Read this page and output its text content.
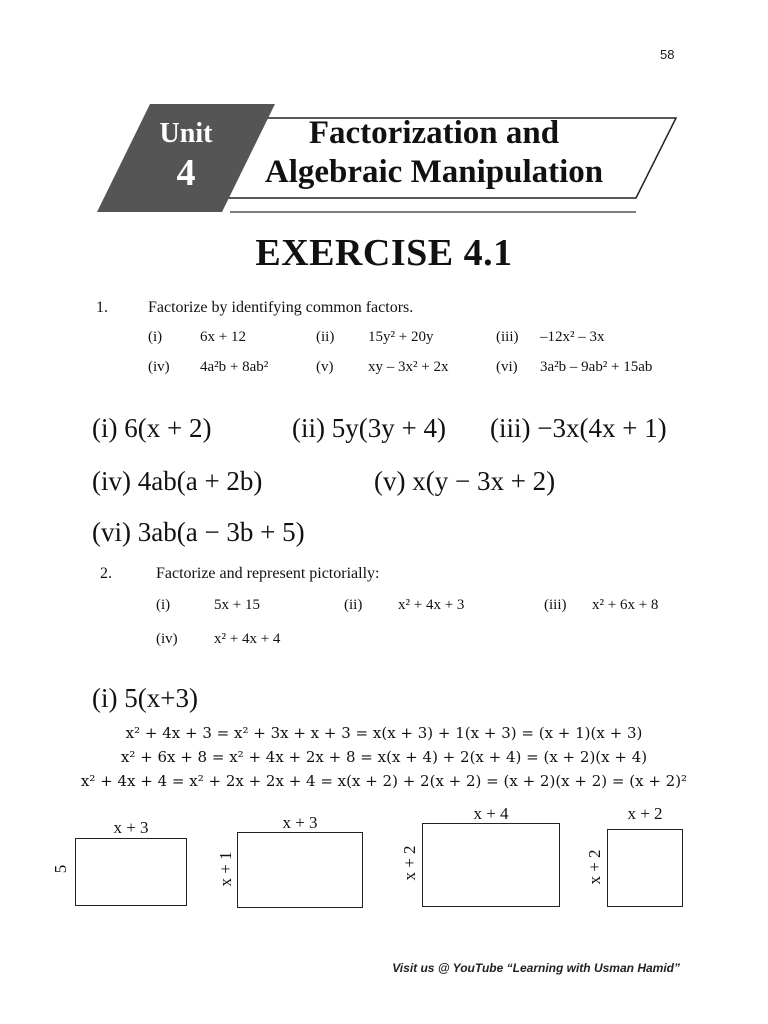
58
Unit
4
Factorization and
Algebraic Manipulation
EXERCISE 4.1
1.	Factorize by identifying common factors.
(i)	6x + 12	(ii) 15y² + 20y	(iii) –12x² – 3x
(iv) 4a²b + 8ab²	(v) xy – 3x² + 2x	(vi) 3a²b – 9ab² + 15ab
(i) 6(x + 2)	(ii) 5y(3y + 4) (iii) −3x(4x + 1)
(iv) 4ab(a + 2b)	(v) x(y − 3x + 2)
(vi) 3ab(a − 3b + 5)
2.	Factorize and represent pictorially:
(i)	5x + 15	(ii) x² + 4x + 3	(iii) x² + 6x + 8
(iv) x² + 4x + 4
(i) 5(x+3)
x² + 4x + 3 = x² + 3x + x + 3 = x(x + 3) + 1(x + 3) = (x + 1)(x + 3)
x² + 6x + 8 = x² + 4x + 2x + 8 = x(x + 4) + 2(x + 4) = (x + 2)(x + 4)
x² + 4x + 4 = x² + 2x + 2x + 4 = x(x + 2) + 2(x + 2) = (x + 2)(x + 2) = (x + 2)²
x + 3
5
x + 3
x + 1
x + 4
x + 2
x + 2
x + 2
Visit us @ YouTube “Learning with Usman Hamid”
